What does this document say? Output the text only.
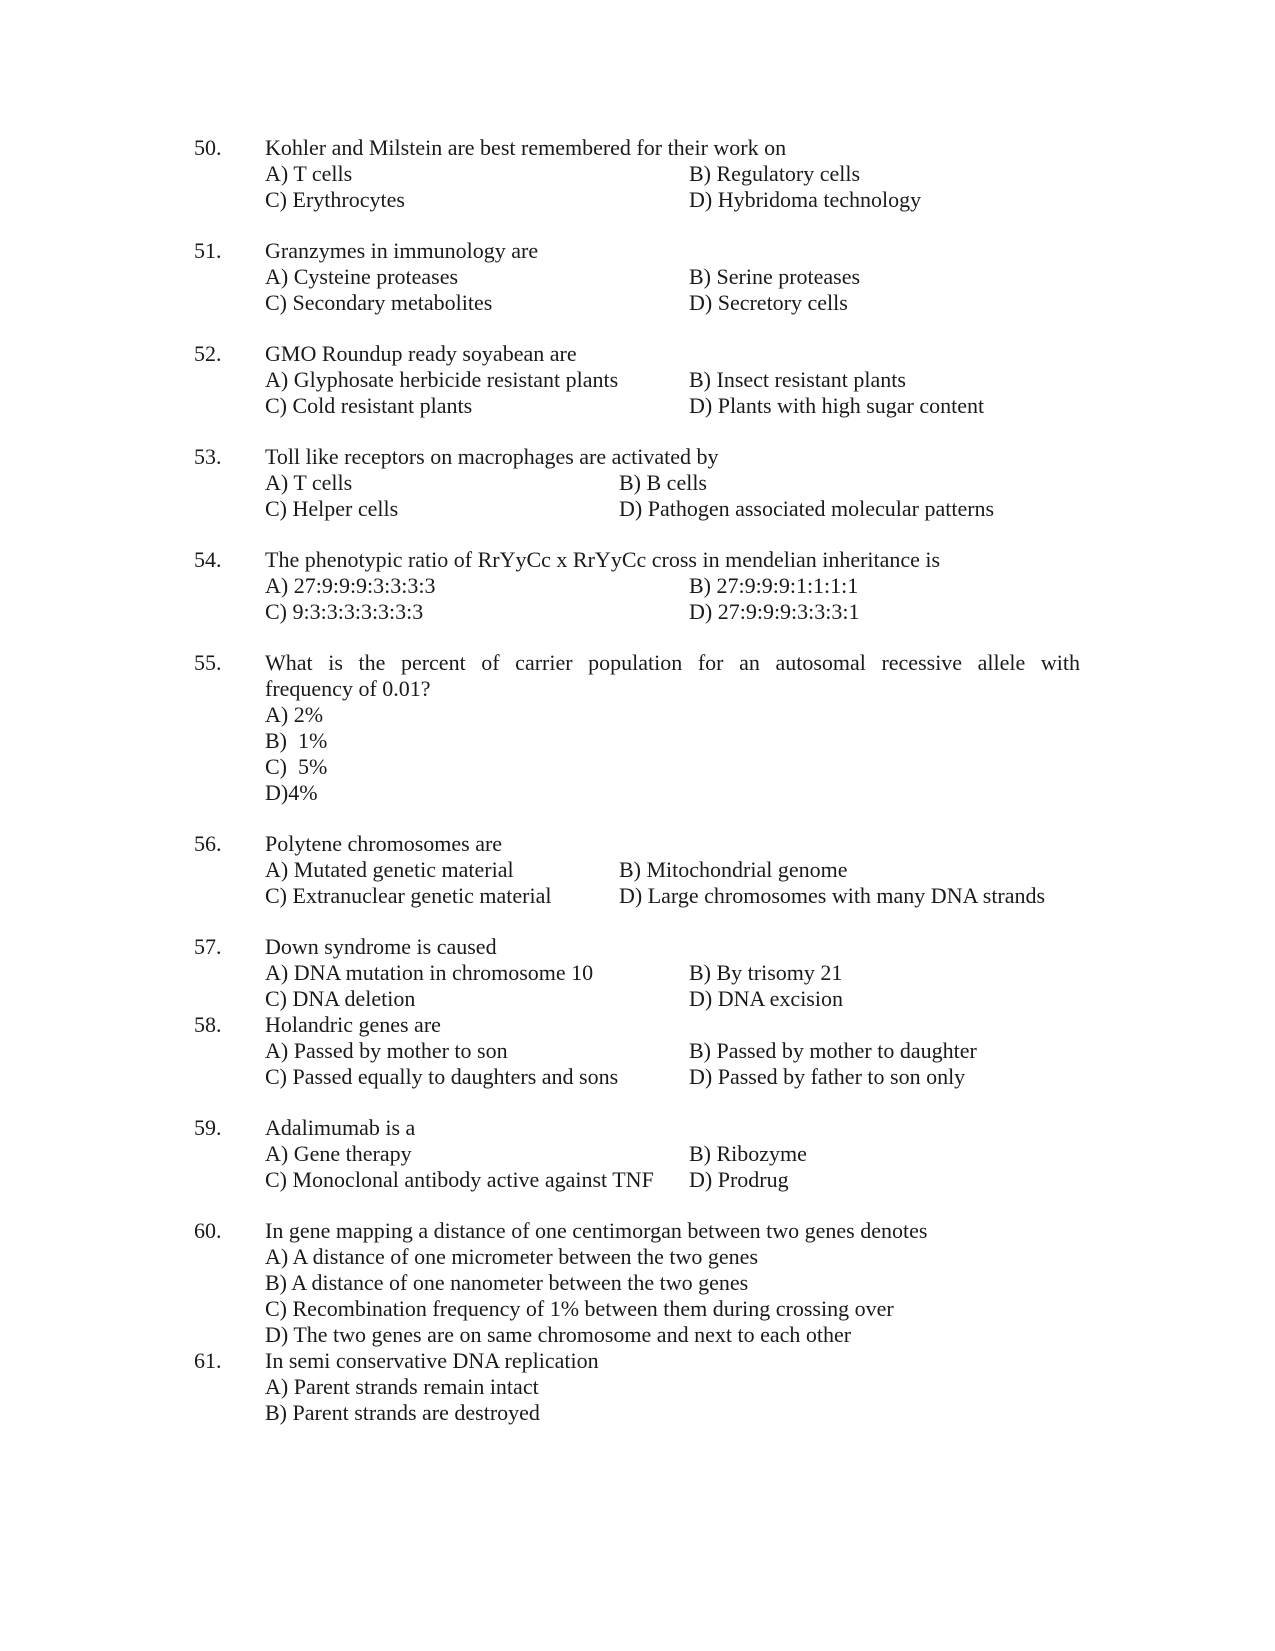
50. Kohler and Milstein are best remembered for their work on
A) T cells	B) Regulatory cells
C) Erythrocytes	D) Hybridoma technology
51. Granzymes in immunology are
A) Cysteine proteases	B) Serine proteases
C) Secondary metabolites	D) Secretory cells
52. GMO Roundup ready soyabean are
A) Glyphosate herbicide resistant plants	B) Insect resistant plants
C) Cold resistant plants	D) Plants with high sugar content
53. Toll like receptors on macrophages are activated by
A) T cells	B) B cells
C) Helper cells	D) Pathogen associated molecular patterns
54. The phenotypic ratio of RrYyCc x RrYyCc cross in mendelian inheritance is
A) 27:9:9:9:3:3:3:3	B) 27:9:9:9:1:1:1:1
C) 9:3:3:3:3:3:3:3	D) 27:9:9:9:3:3:3:1
55. What is the percent of carrier population for an autosomal recessive allele with
frequency of 0.01?
A) 2%
B)  1%
C)  5%
D)4%
56. Polytene chromosomes are
A) Mutated genetic material	B) Mitochondrial genome
C) Extranuclear genetic material	D) Large chromosomes with many DNA strands
57. Down syndrome is caused
A) DNA mutation in chromosome 10	B) By trisomy 21
C) DNA deletion	D) DNA excision
58. Holandric genes are
A) Passed by mother to son	B) Passed by mother to daughter
C) Passed equally to daughters and sons	D) Passed by father to son only
59. Adalimumab is a
A) Gene therapy	B) Ribozyme
C) Monoclonal antibody active against TNF D) Prodrug
60. In gene mapping a distance of one centimorgan between two genes denotes
A) A distance of one micrometer between the two genes
B) A distance of one nanometer between the two genes
C) Recombination frequency of 1% between them during crossing over
D) The two genes are on same chromosome and next to each other
61. In semi conservative DNA replication
A) Parent strands remain intact
B) Parent strands are destroyed
